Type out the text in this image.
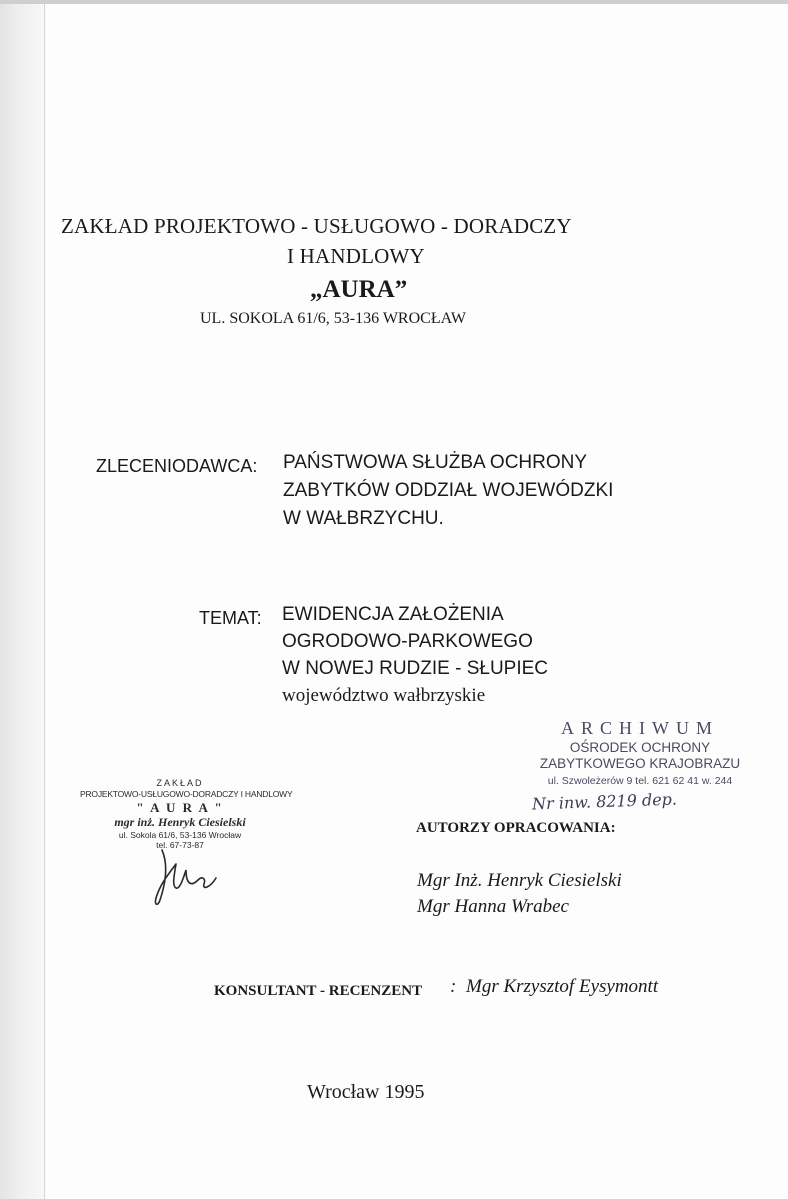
ZAKŁAD PROJEKTOWO - USŁUGOWO - DORADCZY
I HANDLOWY
„AURA”
UL. SOKOLA 61/6, 53-136 WROCŁAW
ZLECENIODAWCA: PAŃSTWOWA SŁUŻBA OCHRONY
ZABYTKÓW ODDZIAŁ WOJEWÓDZKI
W WAŁBRZYCHU.
TEMAT: EWIDENCJA ZAŁOŻENIA
OGRODOWO-PARKOWEGO
W NOWEJ RUDZIE - SŁUPIEC
województwo wałbrzyskie
ARCHIWUM
OŚRODEK OCHRONY
ZABYTKOWEGO KRAJOBRAZU
ul. Szwoleżerów 9 tel. 621 62 41 w. 244
Nr inw. 8219 dep.
ZAKŁAD
PROJEKTOWO-USŁUGOWO-DORADCZY I HANDLOWY
" A U R A "
mgr inż. Henryk Ciesielski
ul. Sokola 61/6, 53-136 Wrocław
tel. 67-73-87
AUTORZY OPRACOWANIA:
Mgr Inż. Henryk Ciesielski
Mgr Hanna Wrabec
KONSULTANT - RECENZENT : Mgr Krzysztof Eysymontt
Wrocław 1995
